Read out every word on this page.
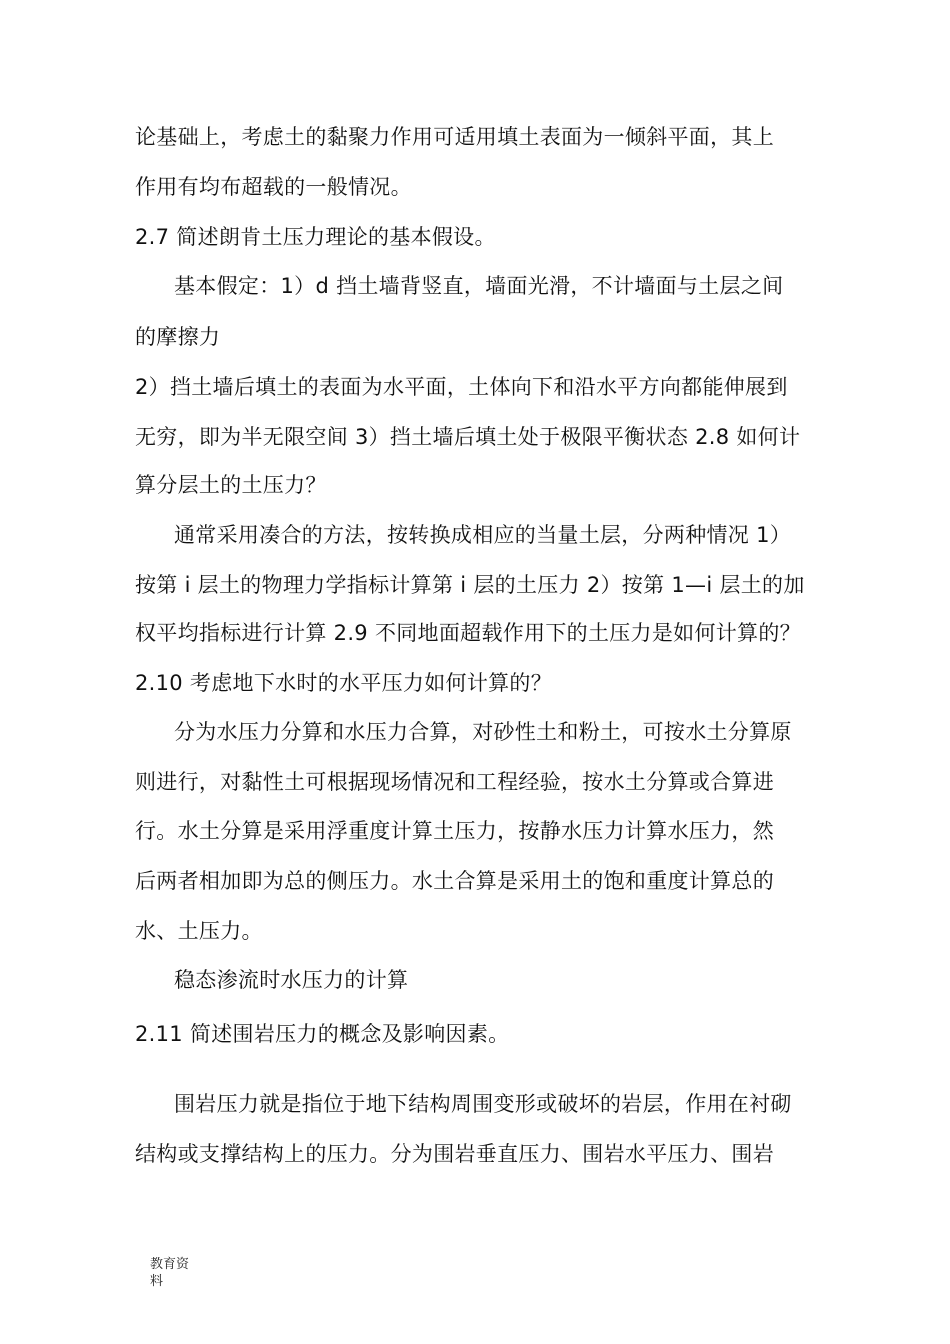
论基础上，考虑土的黏聚力作用可适用填土表面为一倾斜平面，其上
作用有均布超载的一般情况。
2.7 简述朗肯土压力理论的基本假设。
基本假定：1）d 挡土墙背竖直，墙面光滑，不计墙面与土层之间
的摩擦力
2）挡土墙后填土的表面为水平面，土体向下和沿水平方向都能伸展到
无穷，即为半无限空间 3）挡土墙后填土处于极限平衡状态 2.8 如何计
算分层土的土压力？
通常采用凑合的方法，按转换成相应的当量土层，分两种情况 1）
按第 i 层土的物理力学指标计算第 i 层的土压力 2）按第 1—i 层土的加
权平均指标进行计算 2.9 不同地面超载作用下的土压力是如何计算的？
2.10 考虑地下水时的水平压力如何计算的？
分为水压力分算和水压力合算，对砂性土和粉土，可按水土分算原
则进行，对黏性土可根据现场情况和工程经验，按水土分算或合算进
行。水土分算是采用浮重度计算土压力，按静水压力计算水压力，然
后两者相加即为总的侧压力。水土合算是采用土的饱和重度计算总的
水、土压力。
稳态渗流时水压力的计算
2.11 简述围岩压力的概念及影响因素。
围岩压力就是指位于地下结构周围变形或破坏的岩层，作用在衬砌
结构或支撑结构上的压力。分为围岩垂直压力、围岩水平压力、围岩
教育资
料
